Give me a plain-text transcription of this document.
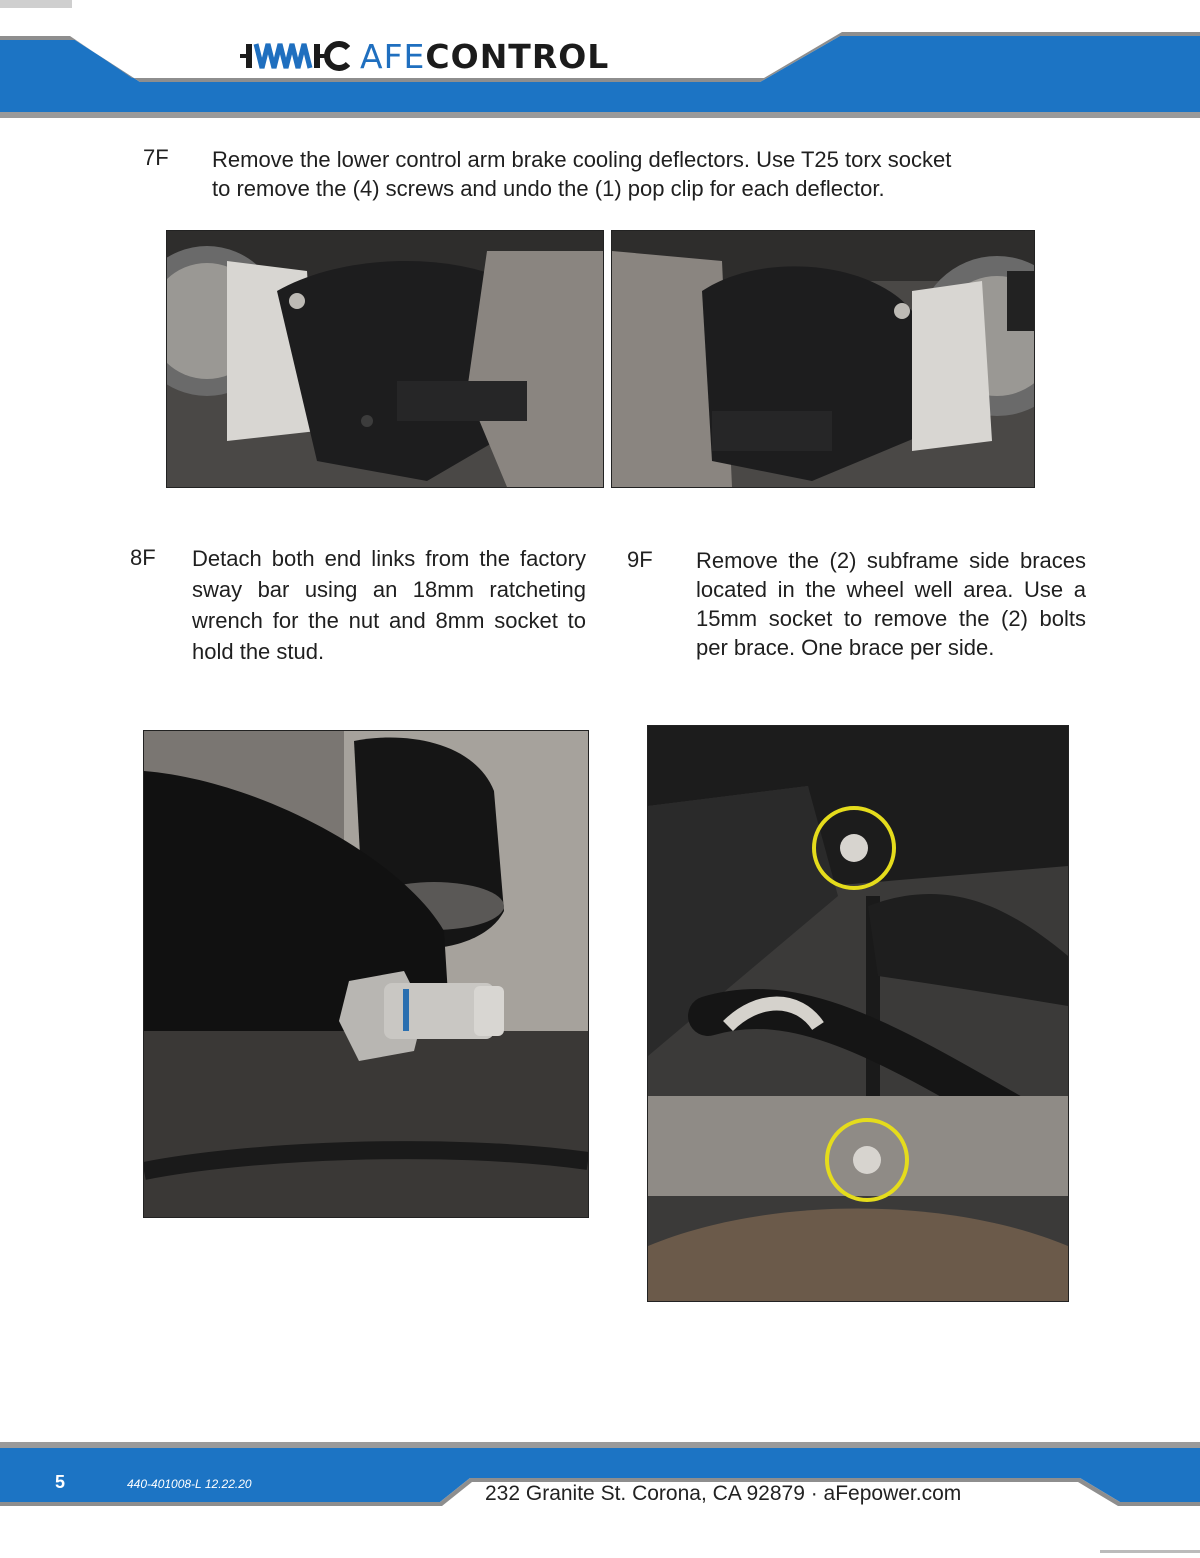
AFECONTROL
7F Remove the lower control arm brake cooling deflectors. Use T25 torx socket
to remove the (4) screws and undo the (1) pop clip for each deflector.
8F Detach both end links from the factory sway bar using an 18mm ratcheting wrench for the nut and 8mm socket to hold the stud.
9F Remove the (2) subframe side braces located in the wheel well area. Use a 15mm socket to remove the (2) bolts per brace. One brace per side.
5	440-401008-L 12.22.20	232 Granite St. Corona, CA 92879 · aFepower.com
